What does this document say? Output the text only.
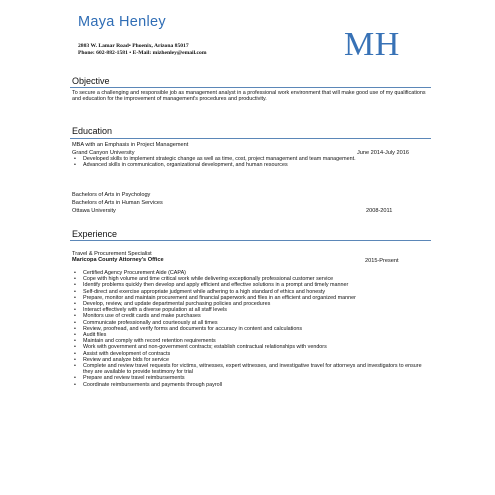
Maya Henley
2803 W. Lamar Road• Phoenix, Arizona 85017
Phone: 602-882-1581 • E-Mail: mizhenley@email.com	MH
Objective
To secure a challenging and responsible job as management analyst in a professional work environment that will make good use of my qualifications and education for the improvement of management's procedures and productivity.
Education
MBA with an Emphasis in Project Management
Grand Canyon University	June 2014-July 2016
• Developed skills to implement strategic change as well as time, cost, project management and team management.
• Advanced skills in communication, organizational development, and human resources
Bachelors of Arts in Psychology
Bachelors of Arts in Human Services
Ottawa University	2008-2011
Experience
Travel & Procurement Specialist
Maricopa County Attorney's Office	2015-Present
• Certified Agency Procurement Aide (CAPA)
• Cope with high volume and time critical work while delivering exceptionally professional customer service
• Identify problems quickly then develop and apply efficient and effective solutions in a prompt and timely manner
• Self-direct and exercise appropriate judgment while adhering to a high standard of ethics and honesty
• Prepare, monitor and maintain procurement and financial paperwork and files in an efficient and organized manner
• Develop, review, and update departmental purchasing policies and procedures
• Interact effectively with a diverse population at all staff levels
• Monitors use of credit cards and make purchases
• Communicate professionally and courteously at all times
• Review, proofread, and verify forms and documents for accuracy in content and calculations
• Audit files
• Maintain and comply with record retention requirements
• Work with government and non-government contracts; establish contractual relationships with vendors
• Assist with development of contracts
• Review and analyze bids for service
• Complete and review travel requests for victims, witnesses, expert witnesses, and investigative travel for attorneys and investigators to ensure they are available to provide testimony for trial
• Prepare and review travel reimbursements
• Coordinate reimbursements and payments through payroll
